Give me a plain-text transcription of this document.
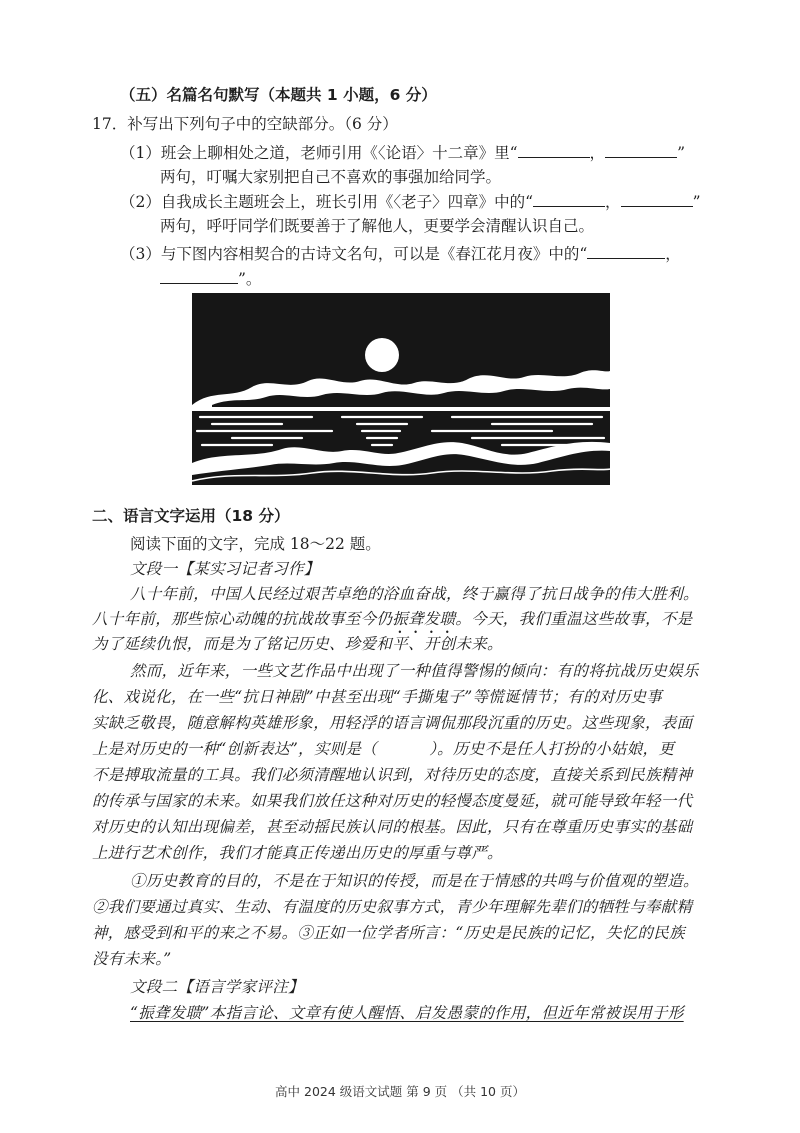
（五）名篇名句默写（本题共 1 小题，6 分）
17．补写出下列句子中的空缺部分。（6 分）
（1）班会上聊相处之道，老师引用《〈论语〉十二章》里“	，	”
两句，叮嘱大家别把自己不喜欢的事强加给同学。
（2）自我成长主题班会上，班长引用《〈老子〉四章》中的“	，	”
两句，呼吁同学们既要善于了解他人，更要学会清醒认识自己。
（3）与下图内容相契合的古诗文名句，可以是《春江花月夜》中的“	，
”。
二、语言文字运用（18 分）
阅读下面的文字，完成 18～22 题。
文段一【某实习记者习作】
八十年前，中国人民经过艰苦卓绝的浴血奋战，终于赢得了抗日战争的伟大胜利。
八十年前，那些惊心动魄的抗战故事至今仍振聋发聩。今天，我们重温这些故事，不是
为了延续仇恨，而是为了铭记历史、珍爱和平、开创未来。
然而，近年来，一些文艺作品中出现了一种值得警惕的倾向：有的将抗战历史娱乐
化、戏说化，在一些“抗日神剧”中甚至出现“手撕鬼子”等慌诞情节；有的对历史事
实缺乏敬畏，随意解构英雄形象，用轻浮的语言调侃那段沉重的历史。这些现象，表面
上是对历史的一种“创新表达”，实则是（	）。历史不是任人打扮的小姑娘，更
不是搏取流量的工具。我们必须清醒地认识到，对待历史的态度，直接关系到民族精神
的传承与国家的未来。如果我们放任这种对历史的轻慢态度曼延，就可能导致年轻一代
对历史的认知出现偏差，甚至动摇民族认同的根基。因此，只有在尊重历史事实的基础
上进行艺术创作，我们才能真正传递出历史的厚重与尊严。
①历史教育的目的，不是在于知识的传授，而是在于情感的共鸣与价值观的塑造。
②我们要通过真实、生动、有温度的历史叙事方式，青少年理解先辈们的牺牲与奉献精
神，感受到和平的来之不易。③正如一位学者所言：“历史是民族的记忆，失忆的民族
没有未来。”
文段二【语言学家评注】
“振聋发聩”本指言论、文章有使人醒悟、启发愚蒙的作用，但近年常被误用于形
高中 2024 级语文试题 第 9 页 （共 10 页）
